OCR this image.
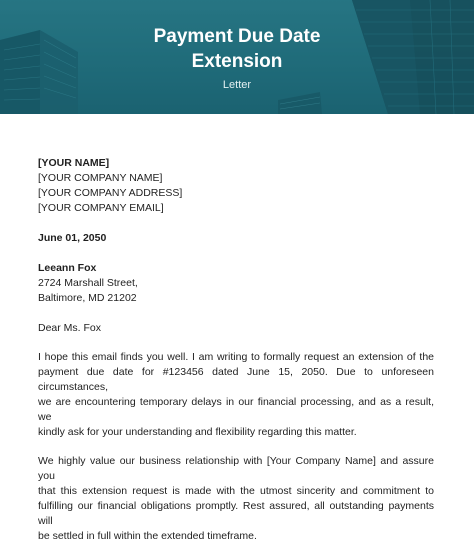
Payment Due Date
Extension
Letter
[YOUR NAME]
[YOUR COMPANY NAME]
[YOUR COMPANY ADDRESS]
[YOUR COMPANY EMAIL]
June 01, 2050
Leeann Fox
2724 Marshall Street,
Baltimore, MD 21202
Dear Ms. Fox
I hope this email finds you well. I am writing to formally request an extension of the
payment due date for #123456 dated June 15, 2050. Due to unforeseen circumstances,
we are encountering temporary delays in our financial processing, and as a result, we
kindly ask for your understanding and flexibility regarding this matter.
We highly value our business relationship with [Your Company Name] and assure you
that this extension request is made with the utmost sincerity and commitment to
fulfilling our financial obligations promptly. Rest assured, all outstanding payments will
be settled in full within the extended timeframe.
